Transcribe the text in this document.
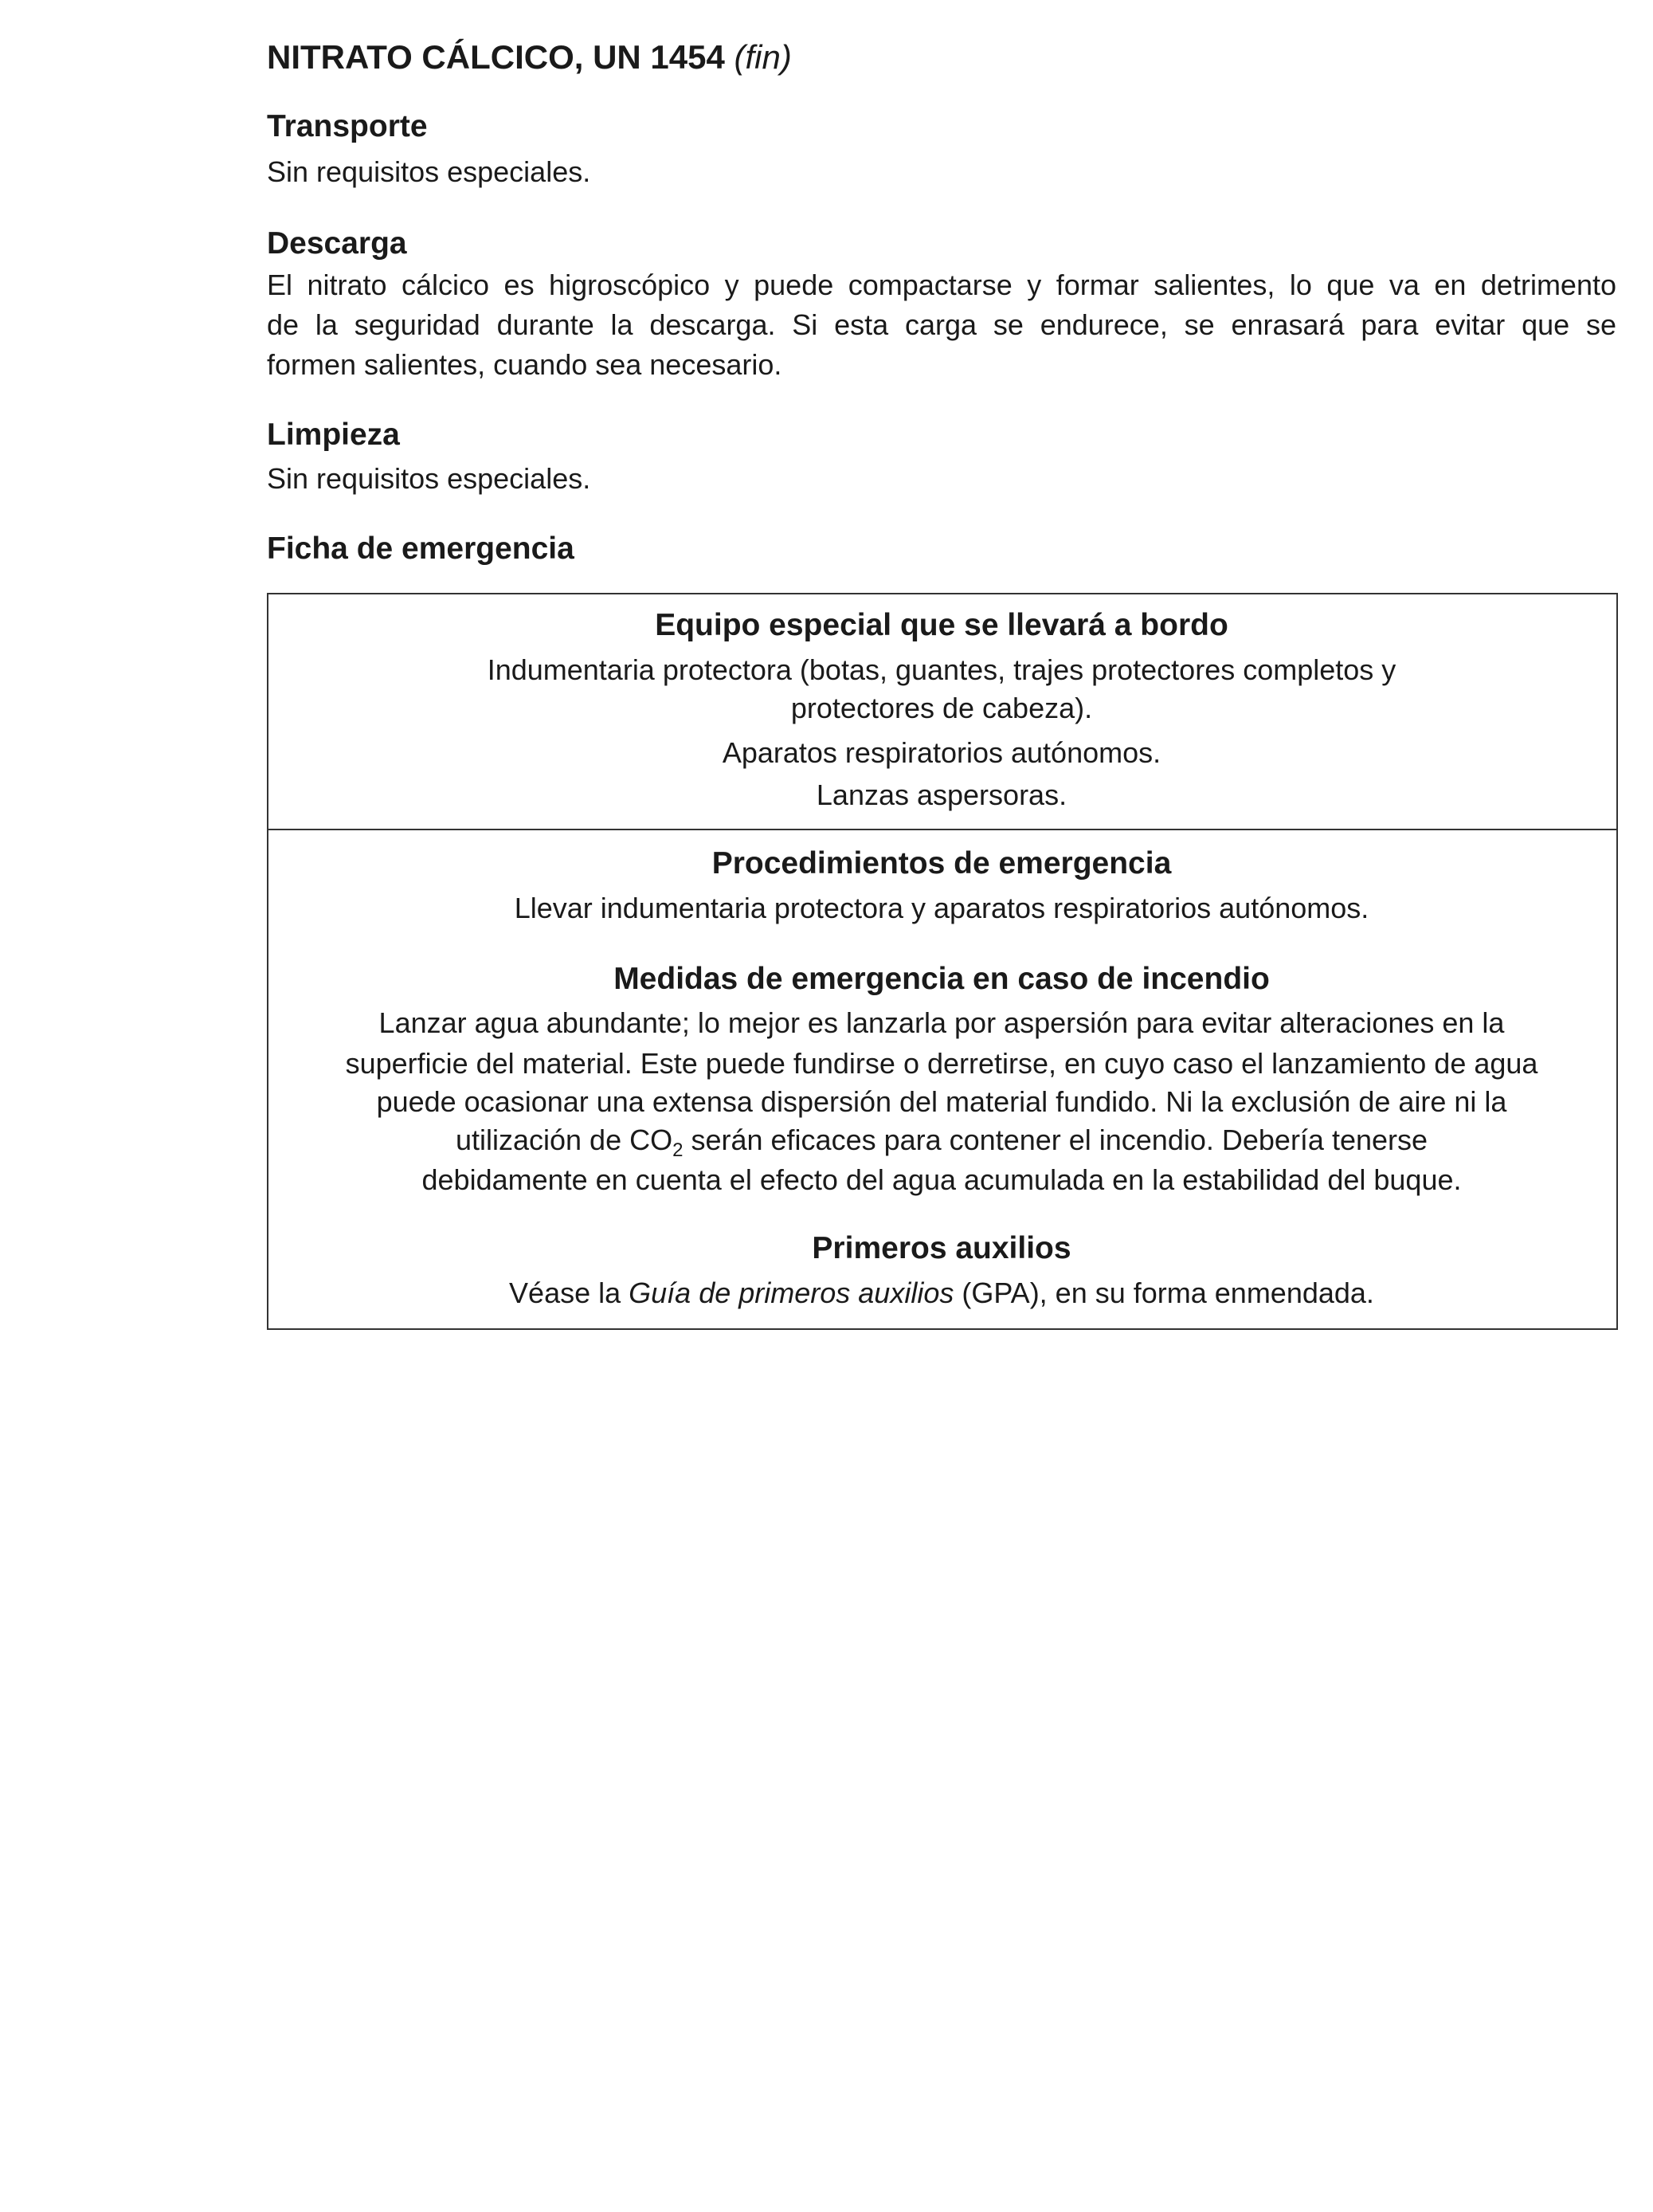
NITRATO CÁLCICO, UN 1454 (fin)
Transporte
Sin requisitos especiales.
Descarga
El nitrato cálcico es higroscópico y puede compactarse y formar salientes, lo que va en detrimento
de la seguridad durante la descarga. Si esta carga se endurece, se enrasará para evitar que se
formen salientes, cuando sea necesario.
Limpieza
Sin requisitos especiales.
Ficha de emergencia
Equipo especial que se llevará a bordo
Indumentaria protectora (botas, guantes, trajes protectores completos y
protectores de cabeza).
Aparatos respiratorios autónomos.
Lanzas aspersoras.
Procedimientos de emergencia
Llevar indumentaria protectora y aparatos respiratorios autónomos.
Medidas de emergencia en caso de incendio
Lanzar agua abundante; lo mejor es lanzarla por aspersión para evitar alteraciones en la
superficie del material. Este puede fundirse o derretirse, en cuyo caso el lanzamiento de agua
puede ocasionar una extensa dispersión del material fundido. Ni la exclusión de aire ni la
utilización de $CO_2$ serán eficaces para contener el incendio. Debería tenerse
debidamente en cuenta el efecto del agua acumulada en la estabilidad del buque.
Primeros auxilios
Véase la Guía de primeros auxilios (GPA), en su forma enmendada.
